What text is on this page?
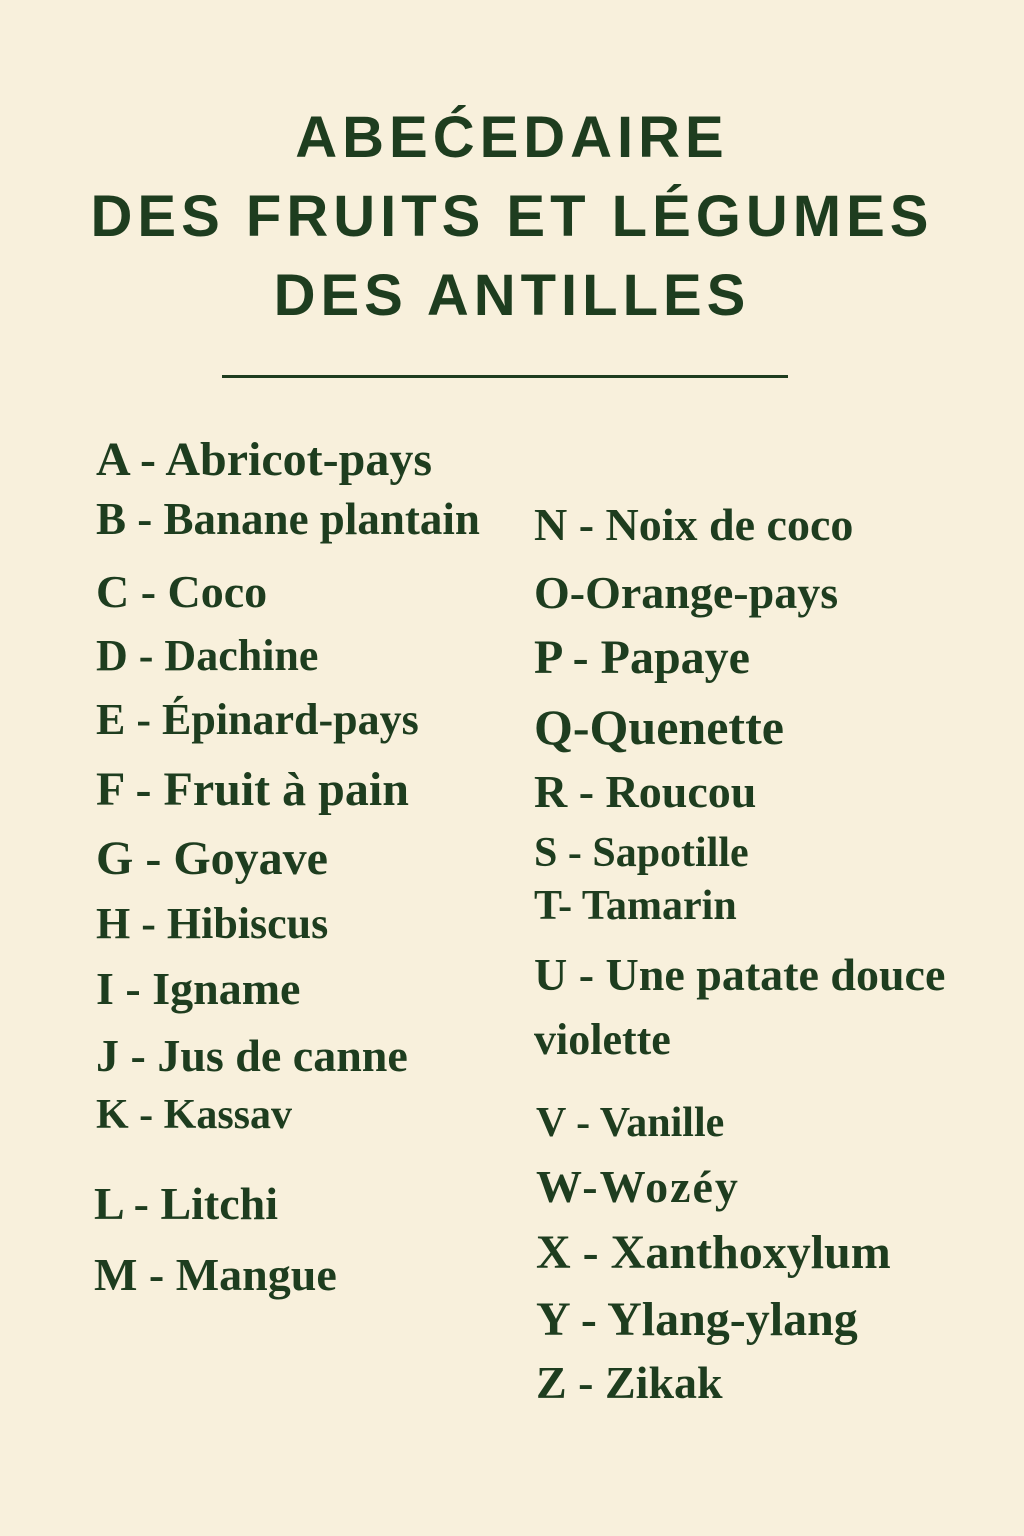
ABEĆEDAIRE
DES FRUITS ET LÉGUMES
DES ANTILLES
A - Abricot-pays
B - Banane plantain
C - Coco
D - Dachine
E - Épinard-pays
F - Fruit à pain
G - Goyave
H - Hibiscus
I - Igname
J - Jus de canne
K - Kassav
L - Litchi
M - Mangue
N - Noix de coco
O-Orange-pays
P - Papaye
Q-Quenette
R - Roucou
S - Sapotille
T- Tamarin
U - Une patate douce
violette
V - Vanille
W-Wozéy
X - Xanthoxylum
Y - Ylang-ylang
Z - Zikak
